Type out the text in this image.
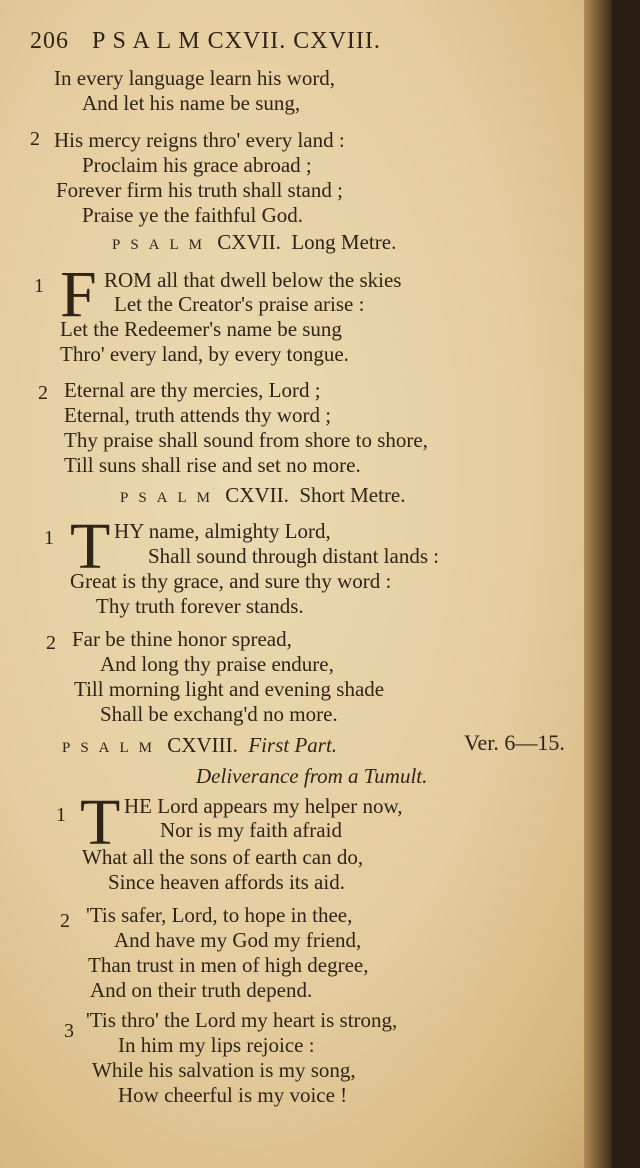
206 P S A L M CXVII. CXVIII.
In every language learn his word,
And let his name be sung,
2 His mercy reigns thro' every land :
Proclaim his grace abroad ;
Forever firm his truth shall stand ;
Praise ye the faithful God.
PSALM CXVII. Long Metre.
1 F ROM all that dwell below the skies
Let the Creator's praise arise :
Let the Redeemer's name be sung
Thro' every land, by every tongue.
2 Eternal are thy mercies, Lord ;
Eternal, truth attends thy word ;
Thy praise shall sound from shore to shore,
Till suns shall rise and set no more.
PSALM CXVII. Short Metre.
1 T HY name, almighty Lord,
Shall sound through distant lands :
Great is thy grace, and sure thy word :
Thy truth forever stands.
2 Far be thine honor spread,
And long thy praise endure,
Till morning light and evening shade
Shall be exchang'd no more.
PSALM CXVIII. First Part.	Ver. 6—15.
Deliverance from a Tumult.
1 T HE Lord appears my helper now,
Nor is my faith afraid
What all the sons of earth can do,
Since heaven affords its aid.
2 'Tis safer, Lord, to hope in thee,
And have my God my friend,
Than trust in men of high degree,
And on their truth depend.
3 'Tis thro' the Lord my heart is strong,
In him my lips rejoice :
While his salvation is my song,
How cheerful is my voice !
